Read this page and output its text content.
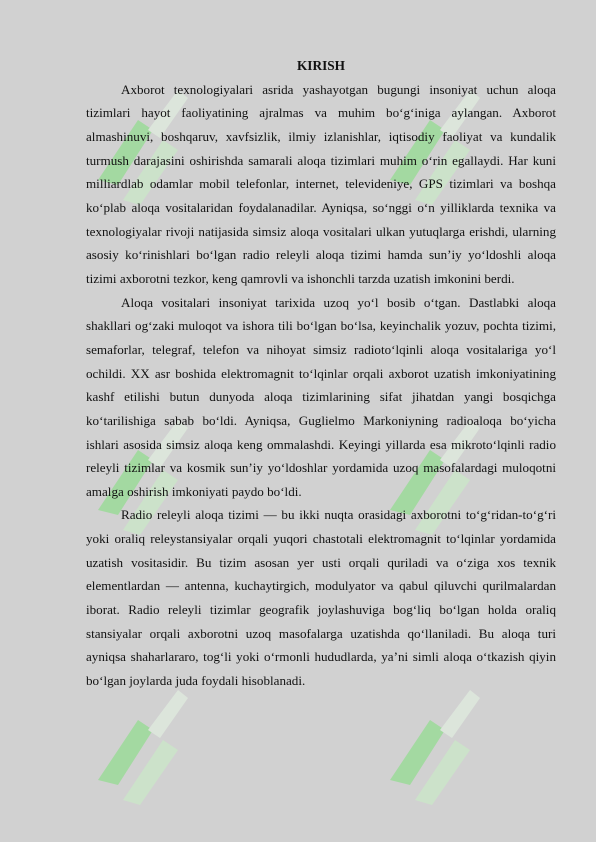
KIRISH

Axborot texnologiyalari asrida yashayotgan bugungi insoniyat uchun aloqa tizimlari hayot faoliyatining ajralmas va muhim bo‘g‘iniga aylangan. Axborot almashinuvi, boshqaruv, xavfsizlik, ilmiy izlanishlar, iqtisodiy faoliyat va kundalik turmush darajasini oshirishda samarali aloqa tizimlari muhim o‘rin egallaydi. Har kuni milliardlab odamlar mobil telefonlar, internet, televideniye, GPS tizimlari va boshqa ko‘plab aloqa vositalaridan foydalanadilar. Ayniqsa, so‘nggi o‘n yilliklarda texnika va texnologiyalar rivoji natijasida simsiz aloqa vositalari ulkan yutuqlarga erishdi, ularning asosiy ko‘rinishlari bo‘lgan radio releyli aloqa tizimi hamda sun’iy yo‘ldoshli aloqa tizimi axborotni tezkor, keng qamrovli va ishonchli tarzda uzatish imkonini berdi.

Aloqa vositalari insoniyat tarixida uzoq yo‘l bosib o‘tgan. Dastlabki aloqa shakllari og‘zaki muloqot va ishora tili bo‘lgan bo‘lsa, keyinchalik yozuv, pochta tizimi, semaforlar, telegraf, telefon va nihoyat simsiz radioto‘lqinli aloqa vositalariga yo‘l ochildi. XX asr boshida elektromagnit to‘lqinlar orqali axborot uzatish imkoniyatining kashf etilishi butun dunyoda aloqa tizimlarining sifat jihatdan yangi bosqichga ko‘tarilishiga sabab bo‘ldi. Ayniqsa, Guglielmo Markoniyning radioaloqa bo‘yicha ishlari asosida simsiz aloqa keng ommalashdi. Keyingi yillarda esa mikroto‘lqinli radio releyli tizimlar va kosmik sun’iy yo‘ldoshlar yordamida uzoq masofalardagi muloqotni amalga oshirish imkoniyati paydo bo‘ldi.

Radio releyli aloqa tizimi — bu ikki nuqta orasidagi axborotni to‘g‘ridan-to‘g‘ri yoki oraliq releystansiyalar orqali yuqori chastotali elektromagnit to‘lqinlar yordamida uzatish vositasidir. Bu tizim asosan yer usti orqali quriladi va o‘ziga xos texnik elementlardan — antenna, kuchaytirgich, modulyator va qabul qiluvchi qurilmalardan iborat. Radio releyli tizimlar geografik joylashuviga bog‘liq bo‘lgan holda oraliq stansiyalar orqali axborotni uzoq masofalarga uzatishda qo‘llaniladi. Bu aloqa turi ayniqsa shaharlararo, tog‘li yoki o‘rmonli hududlarda, ya’ni simli aloqa o‘tkazish qiyin bo‘lgan joylarda juda foydali hisoblanadi.
